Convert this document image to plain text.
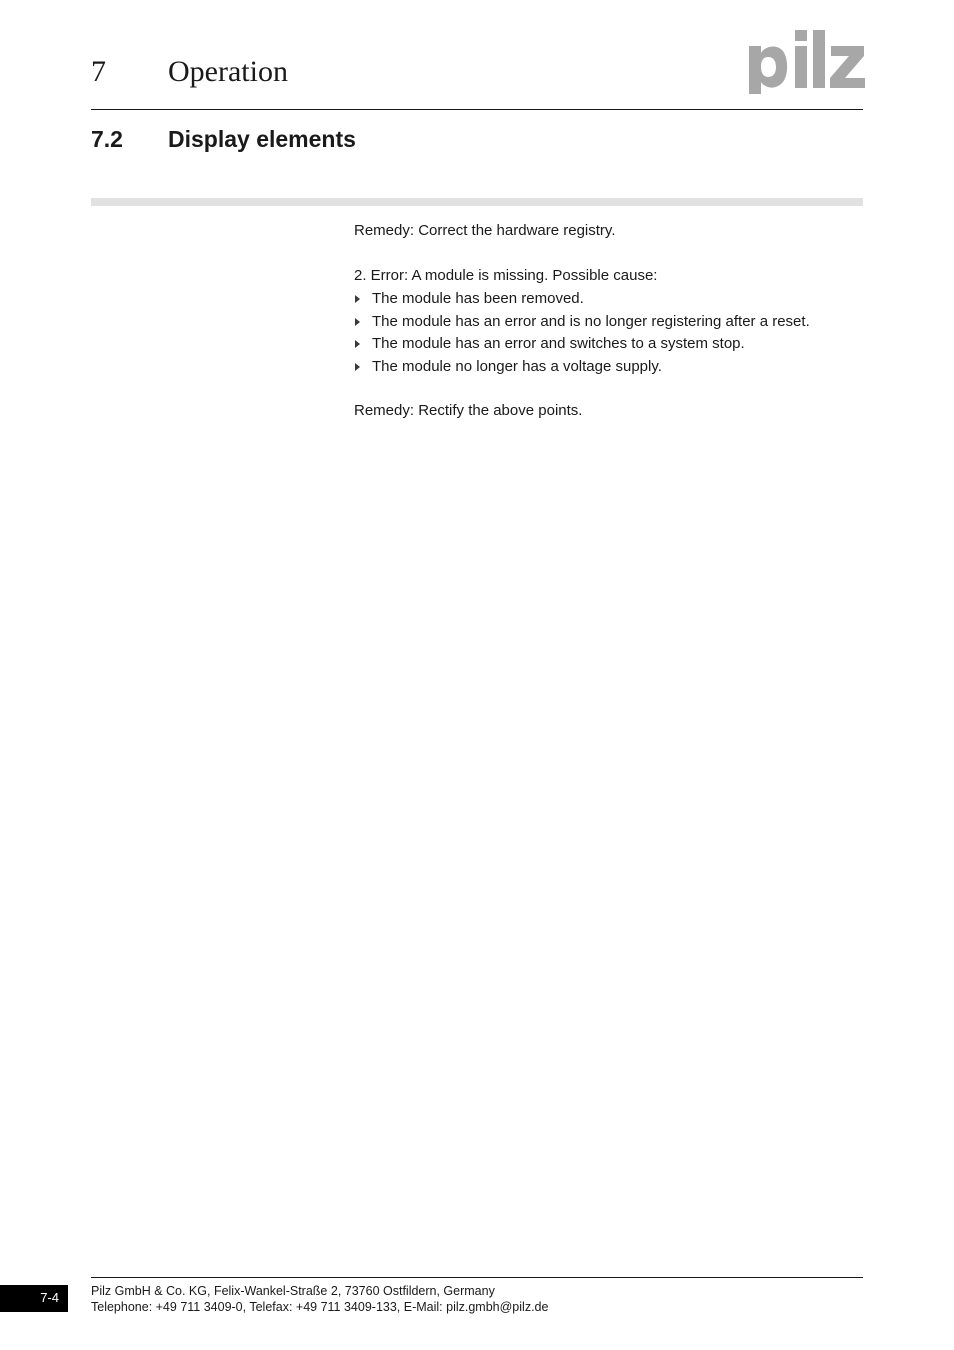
7 Operation
7.2 Display elements
Remedy: Correct the hardware registry.
2. Error: A module is missing. Possible cause:
The module has been removed.
The module has an error and is no longer registering after a reset.
The module has an error and switches to a system stop.
The module no longer has a voltage supply.
Remedy: Rectify the above points.
7-4	Pilz GmbH & Co. KG, Felix-Wankel-Straße 2, 73760 Ostfildern, Germany
Telephone: +49 711 3409-0, Telefax: +49 711 3409-133, E-Mail: pilz.gmbh@pilz.de
